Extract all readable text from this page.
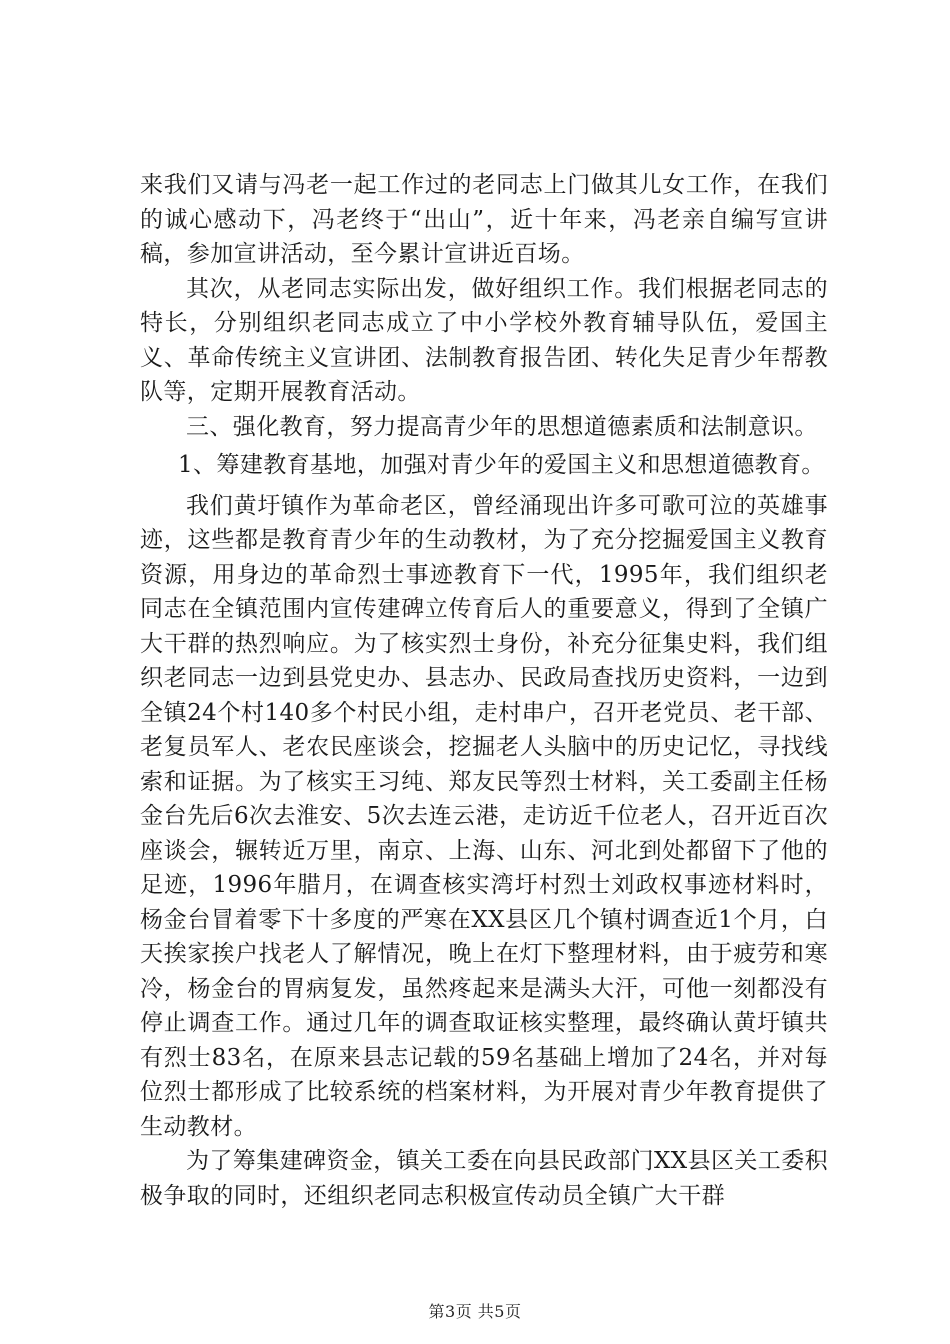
来我们又请与冯老一起工作过的老同志上门做其儿女工作，在我们的诚心感动下，冯老终于“出山”，近十年来，冯老亲自编写宣讲稿，参加宣讲活动，至今累计宣讲近百场。

其次，从老同志实际出发，做好组织工作。我们根据老同志的特长，分别组织老同志成立了中小学校外教育辅导队伍，爱国主义、革命传统主义宣讲团、法制教育报告团、转化失足青少年帮教队等，定期开展教育活动。

三、强化教育，努力提高青少年的思想道德素质和法制意识。

1、筹建教育基地，加强对青少年的爱国主义和思想道德教育。

我们黄圩镇作为革命老区，曾经涌现出许多可歌可泣的英雄事迹，这些都是教育青少年的生动教材，为了充分挖掘爱国主义教育资源，用身边的革命烈士事迹教育下一代，1995年，我们组织老同志在全镇范围内宣传建碑立传育后人的重要意义，得到了全镇广大干群的热烈响应。为了核实烈士身份，补充分征集史料，我们组织老同志一边到县党史办、县志办、民政局查找历史资料，一边到全镇24个村140多个村民小组，走村串户，召开老党员、老干部、老复员军人、老农民座谈会，挖掘老人头脑中的历史记忆，寻找线索和证据。为了核实王习纯、郑友民等烈士材料，关工委副主任杨金台先后6次去淮安、5次去连云港，走访近千位老人，召开近百次座谈会，辗转近万里，南京、上海、山东、河北到处都留下了他的足迹，1996年腊月，在调查核实湾圩村烈士刘政权事迹材料时，杨金台冒着零下十多度的严寒在XX县区几个镇村调查近1个月，白天挨家挨户找老人了解情况，晚上在灯下整理材料，由于疲劳和寒冷，杨金台的胃病复发，虽然疼起来是满头大汗，可他一刻都没有停止调查工作。通过几年的调查取证核实整理，最终确认黄圩镇共有烈士83名，在原来县志记载的59名基础上增加了24名，并对每位烈士都形成了比较系统的档案材料，为开展对青少年教育提供了生动教材。

为了筹集建碑资金，镇关工委在向县民政部门XX县区关工委积极争取的同时，还组织老同志积极宣传动员全镇广大干群

第3页 共5页
